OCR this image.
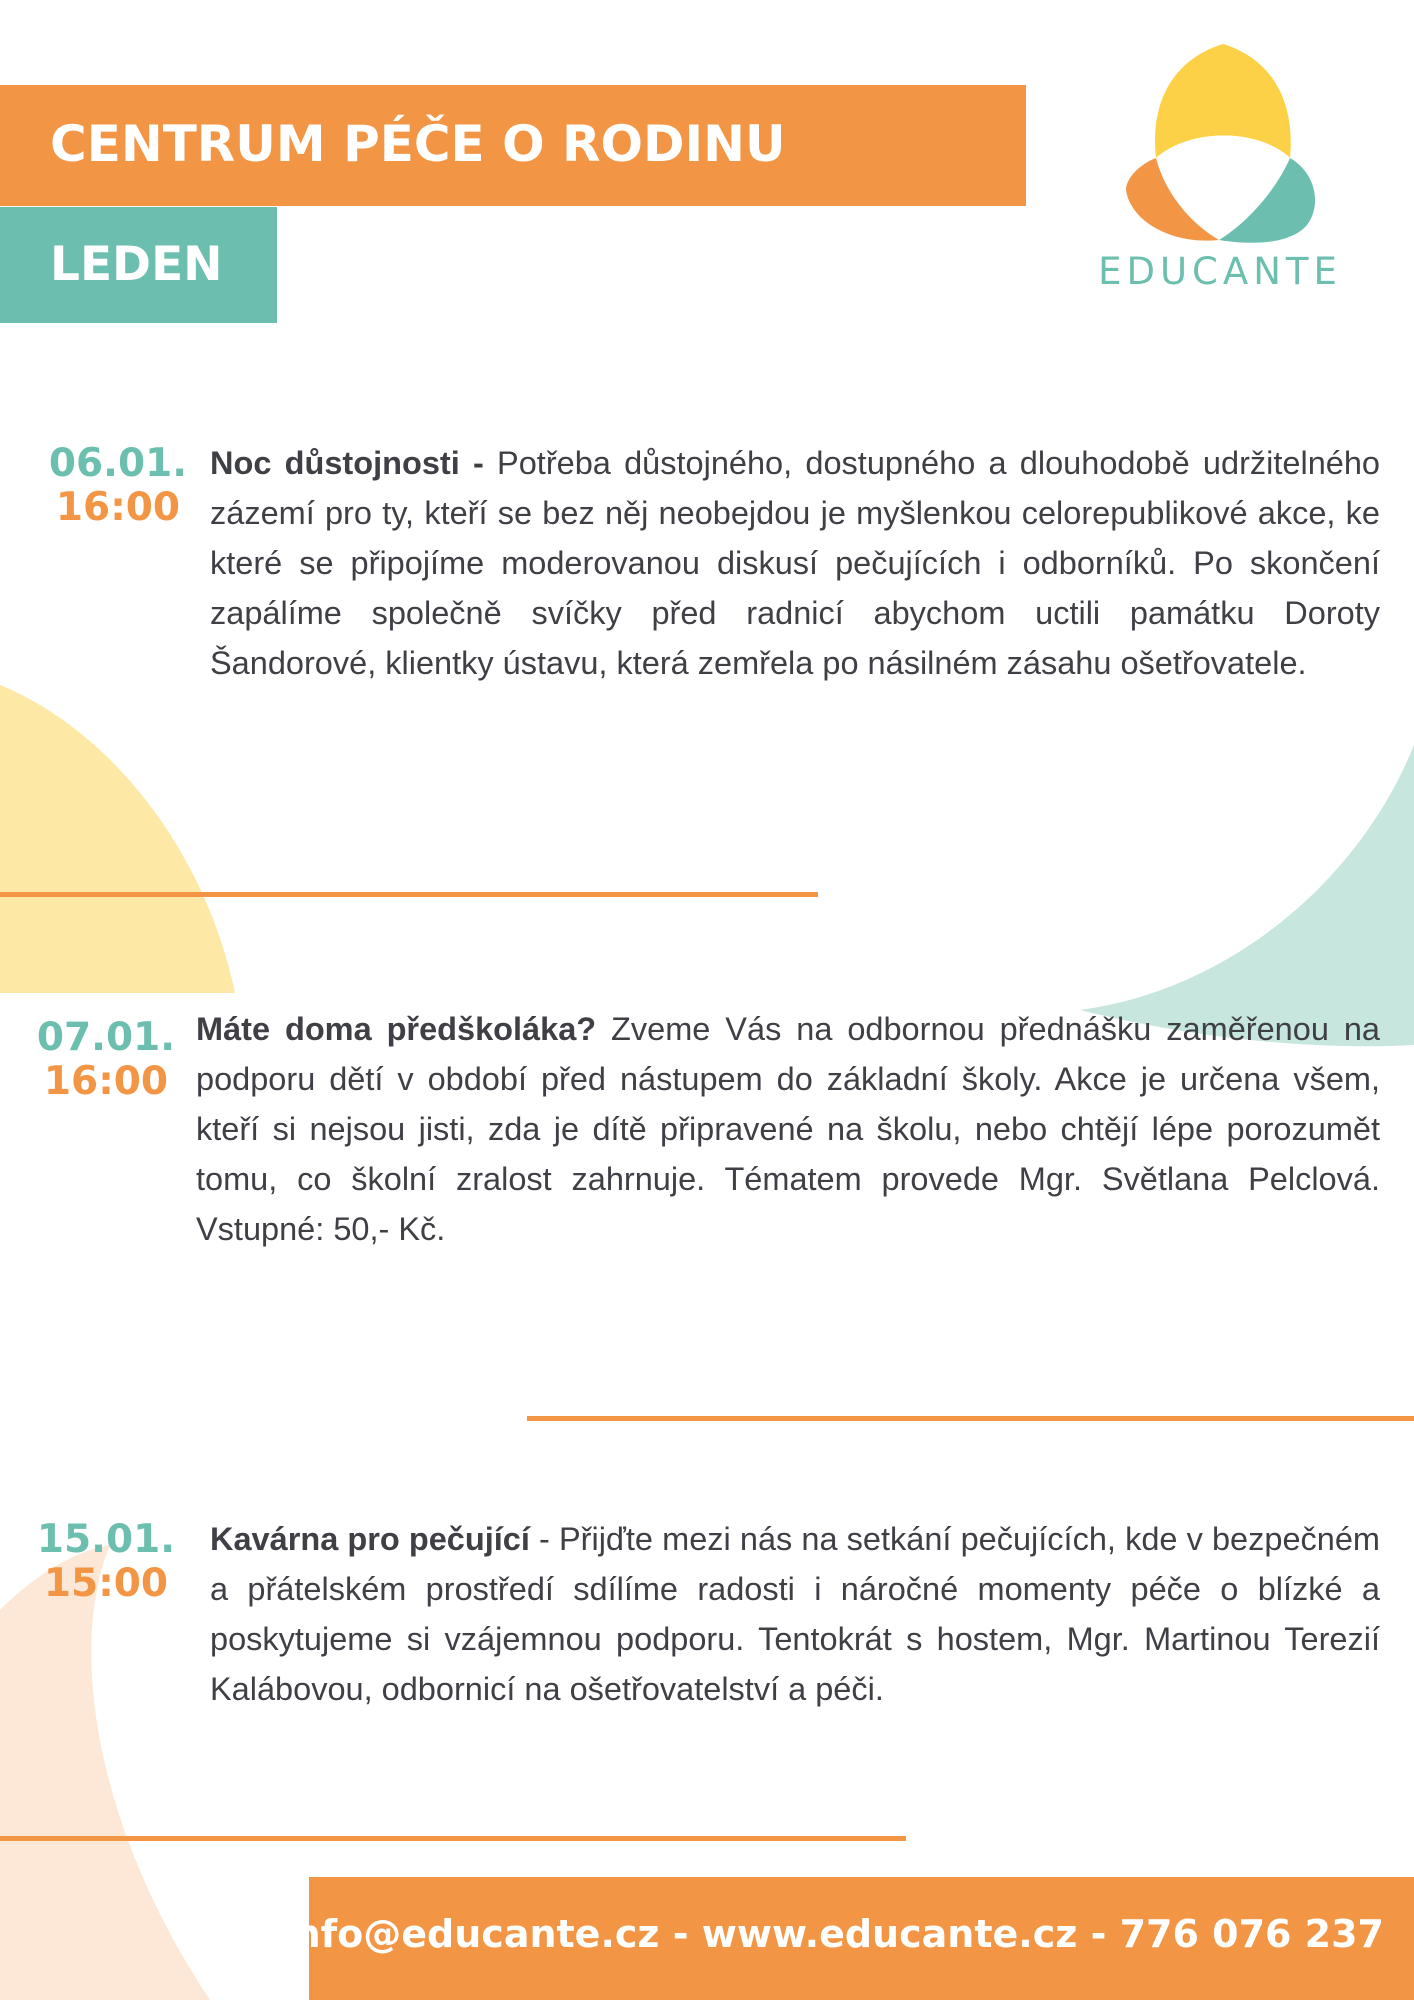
CENTRUM PÉČE O RODINU
LEDEN	EDUCANTE
06.01.
16:00
Noc důstojnosti - Potřeba důstojného, dostupného a dlouhodobě udržitelného zázemí pro ty, kteří se bez něj neobejdou je myšlenkou celorepublikové akce, ke které se připojíme moderovanou diskusí pečujících i odborníků. Po skončení zapálíme společně svíčky před radnicí abychom uctili památku Doroty Šandorové, klientky ústavu, která zemřela po násilném zásahu ošetřovatele.
07.01.
16:00
Máte doma předškoláka? Zveme Vás na odbornou přednášku zaměřenou na podporu dětí v období před nástupem do základní školy. Akce je určena všem, kteří si nejsou jisti, zda je dítě připravené na školu, nebo chtějí lépe porozumět tomu, co školní zralost zahrnuje. Tématem provede Mgr. Světlana Pelclová. Vstupné: 50,- Kč.
15.01.
15:00
Kavárna pro pečující - Přijďte mezi nás na setkání pečujících, kde v bezpečném a přátelském prostředí sdílíme radosti i náročné momenty péče o blízké a poskytujeme si vzájemnou podporu. Tentokrát s hostem, Mgr. Martinou Terezií Kalábovou, odbornicí na ošetřovatelství a péči.
info@educante.cz - www.educante.cz - 776 076 237
